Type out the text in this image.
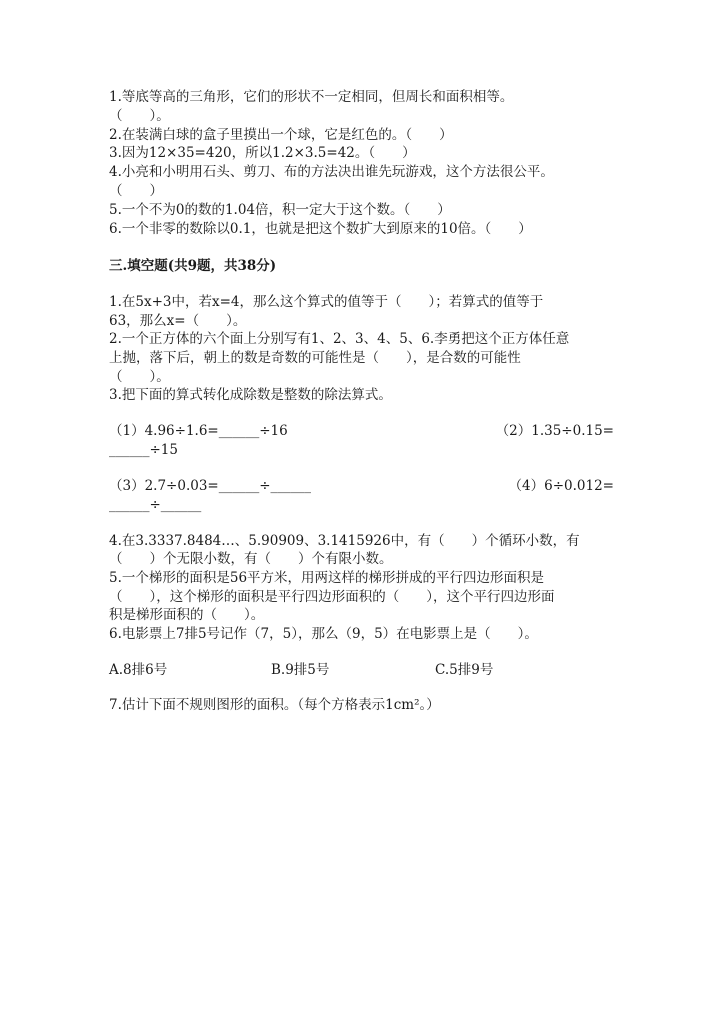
1.等底等高的三角形，它们的形状不一定相同，但周长和面积相等。
（　　）。
2.在装满白球的盒子里摸出一个球，它是红色的。（　　）
3.因为12×35=420，所以1.2×3.5=42。（　　）
4.小亮和小明用石头、剪刀、布的方法决出谁先玩游戏，这个方法很公平。
（　　）
5.一个不为0的数的1.04倍，积一定大于这个数。（　　）
6.一个非零的数除以0.1，也就是把这个数扩大到原来的10倍。（　　）
三.填空题(共9题，共38分)
1.在5x+3中，若x=4，那么这个算式的值等于（　　）；若算式的值等于
63，那么x=（　　）。
2.一个正方体的六个面上分别写有1、2、3、4、5、6.李勇把这个正方体任意
上抛，落下后，朝上的数是奇数的可能性是（　　），是合数的可能性
（　　）。
3.把下面的算式转化成除数是整数的除法算式。
（1）4.96÷1.6=______÷16	（2）1.35÷0.15=
______÷15
（3）2.7÷0.03=______÷______	（4）6÷0.012=
______÷______
4.在3.3337.8484…、5.90909、3.1415926中，有（　　）个循环小数，有
（　　）个无限小数，有（　　）个有限小数。
5.一个梯形的面积是56平方米，用两这样的梯形拼成的平行四边形面积是
（　　），这个梯形的面积是平行四边形面积的（　　），这个平行四边形面
积是梯形面积的（　　）。
6.电影票上7排5号记作（7，5），那么（9，5）在电影票上是（　　）。
A.8排6号	B.9排5号	C.5排9号
7.估计下面不规则图形的面积。（每个方格表示1cm²。）
